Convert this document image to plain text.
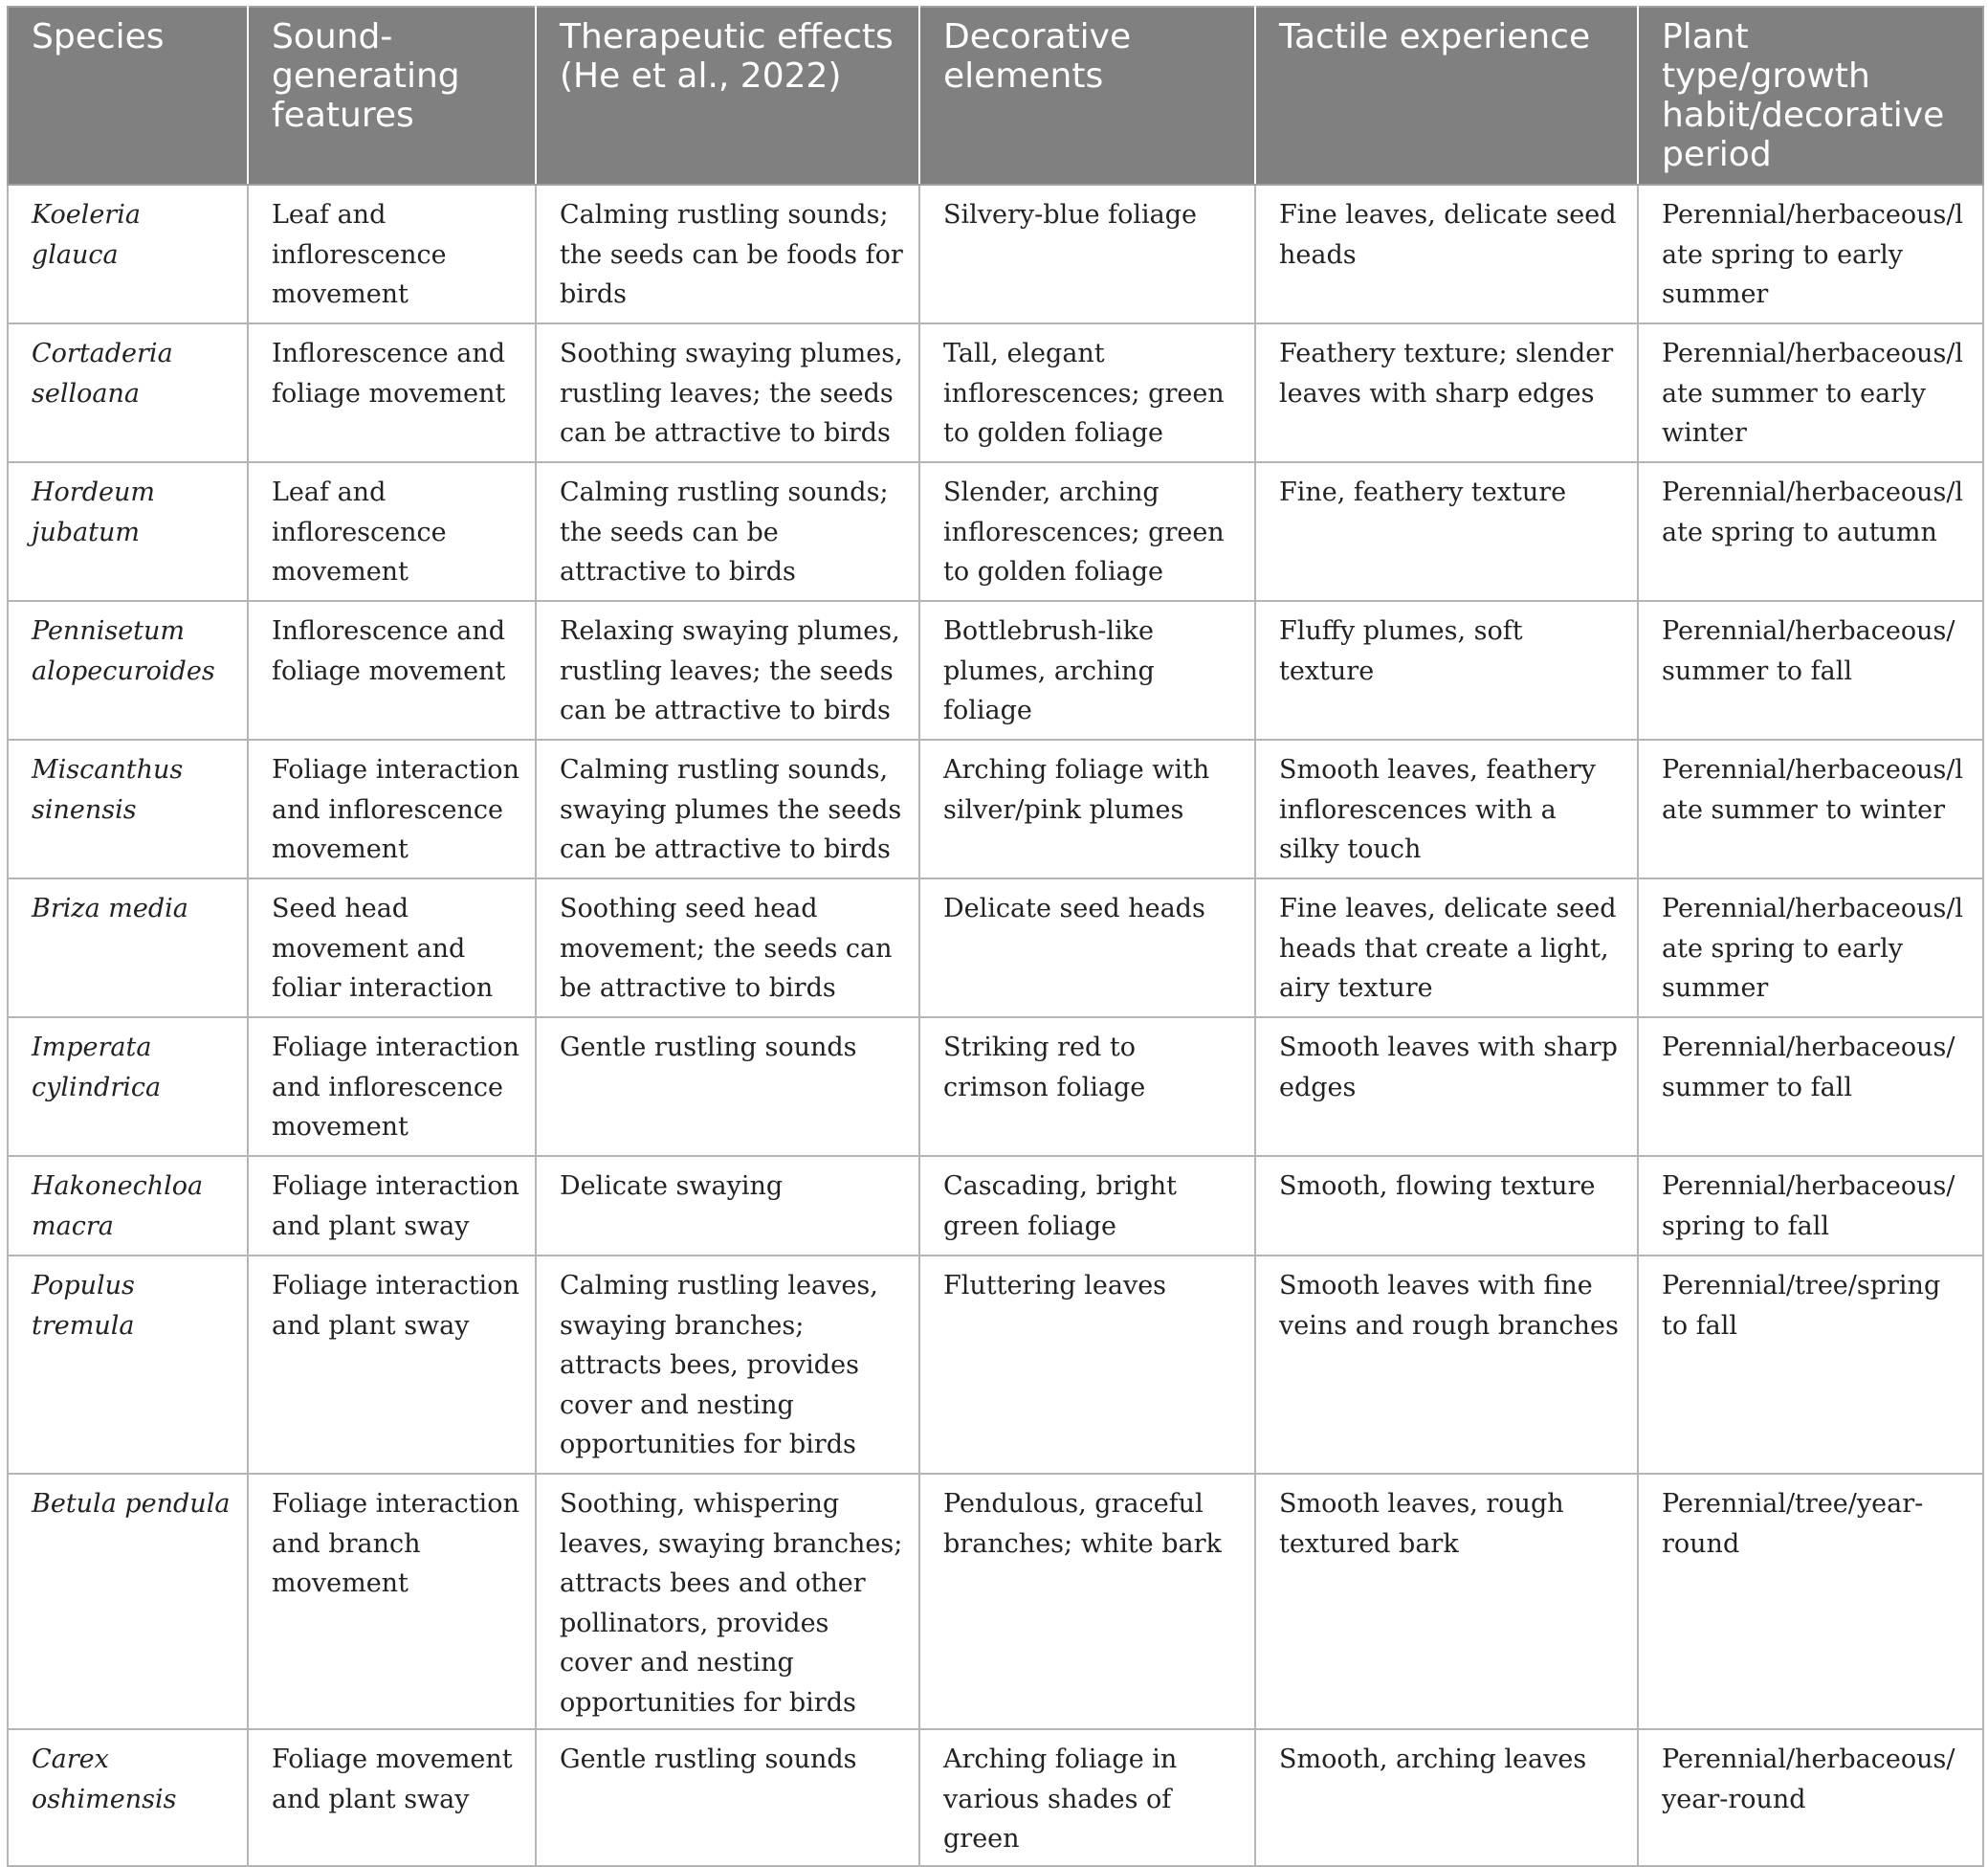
Species	Sound-generating features	Therapeutic effects (He et al., 2022)	Decorative elements	Tactile experience	Plant type/growth habit/decorative period
Koeleria glauca	Leaf and inflorescence movement	Calming rustling sounds; the seeds can be foods for birds	Silvery-blue foliage	Fine leaves, delicate seed heads	Perennial/herbaceous/late spring to early summer
Cortaderia selloana	Inflorescence and foliage movement	Soothing swaying plumes, rustling leaves; the seeds can be attractive to birds	Tall, elegant inflorescences; green to golden foliage	Feathery texture; slender leaves with sharp edges	Perennial/herbaceous/late summer to early winter
Hordeum jubatum	Leaf and inflorescence movement	Calming rustling sounds; the seeds can be attractive to birds	Slender, arching inflorescences; green to golden foliage	Fine, feathery texture	Perennial/herbaceous/late spring to autumn
Pennisetum alopecuroides	Inflorescence and foliage movement	Relaxing swaying plumes, rustling leaves; the seeds can be attractive to birds	Bottlebrush-like plumes, arching foliage	Fluffy plumes, soft texture	Perennial/herbaceous/ summer to fall
Miscanthus sinensis	Foliage interaction and inflorescence movement	Calming rustling sounds, swaying plumes the seeds can be attractive to birds	Arching foliage with silver/pink plumes	Smooth leaves, feathery inflorescences with a silky touch	Perennial/herbaceous/late summer to winter
Briza media	Seed head movement and foliar interaction	Soothing seed head movement; the seeds can be attractive to birds	Delicate seed heads	Fine leaves, delicate seed heads that create a light, airy texture	Perennial/herbaceous/late spring to early summer
Imperata cylindrica	Foliage interaction and inflorescence movement	Gentle rustling sounds	Striking red to crimson foliage	Smooth leaves with sharp edges	Perennial/herbaceous/ summer to fall
Hakonechloa macra	Foliage interaction and plant sway	Delicate swaying	Cascading, bright green foliage	Smooth, flowing texture	Perennial/herbaceous/ spring to fall
Populus tremula	Foliage interaction and plant sway	Calming rustling leaves, swaying branches; attracts bees, provides cover and nesting opportunities for birds	Fluttering leaves	Smooth leaves with fine veins and rough branches	Perennial/tree/spring to fall
Betula pendula	Foliage interaction and branch movement	Soothing, whispering leaves, swaying branches; attracts bees and other pollinators, provides cover and nesting opportunities for birds	Pendulous, graceful branches; white bark	Smooth leaves, rough textured bark	Perennial/tree/year-round
Carex oshimensis	Foliage movement and plant sway	Gentle rustling sounds	Arching foliage in various shades of green	Smooth, arching leaves	Perennial/herbaceous/year-round
